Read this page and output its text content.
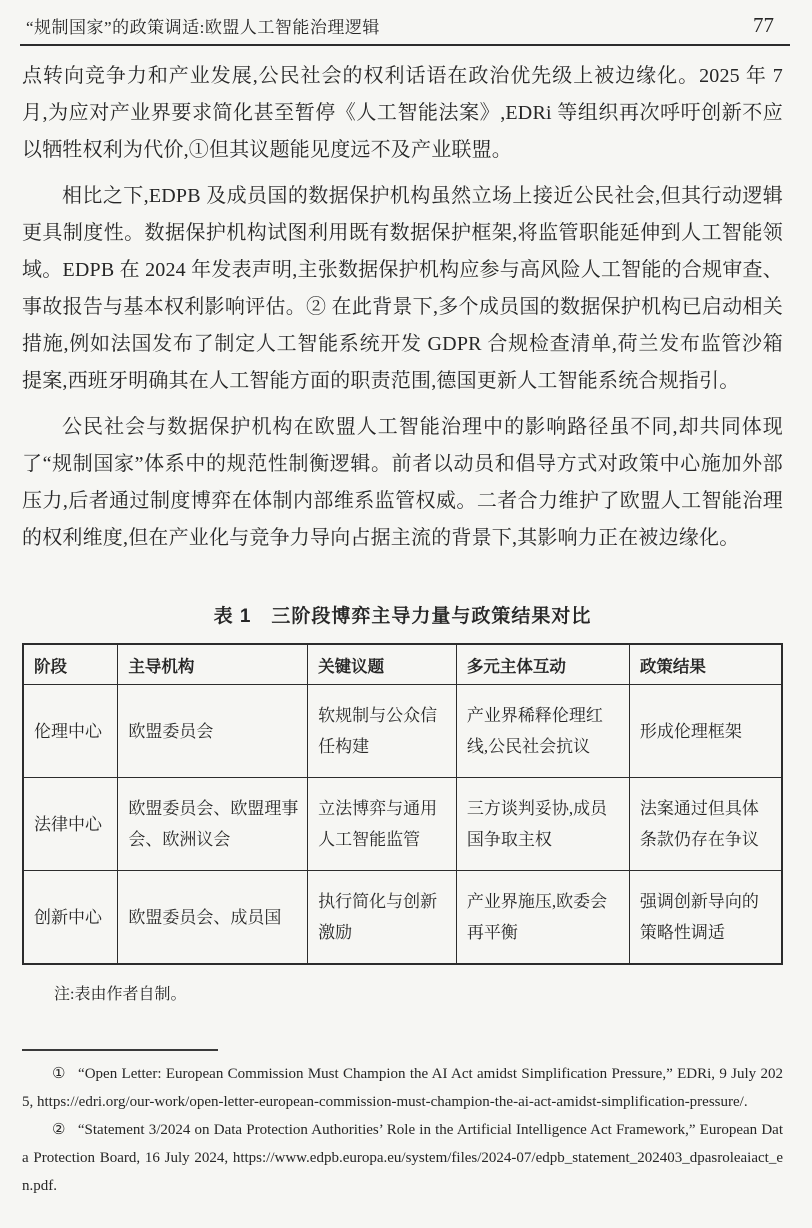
“规制国家”的政策调适:欧盟人工智能治理逻辑	77

点转向竞争力和产业发展,公民社会的权利话语在政治优先级上被边缘化。2025 年 7 月,为应对产业界要求简化甚至暂停《人工智能法案》,EDRi 等组织再次呼吁创新不应以牺牲权利为代价,①但其议题能见度远不及产业联盟。

相比之下,EDPB 及成员国的数据保护机构虽然立场上接近公民社会,但其行动逻辑更具制度性。数据保护机构试图利用既有数据保护框架,将监管职能延伸到人工智能领域。EDPB 在 2024 年发表声明,主张数据保护机构应参与高风险人工智能的合规审查、事故报告与基本权利影响评估。② 在此背景下,多个成员国的数据保护机构已启动相关措施,例如法国发布了制定人工智能系统开发 GDPR 合规检查清单,荷兰发布监管沙箱提案,西班牙明确其在人工智能方面的职责范围,德国更新人工智能系统合规指引。

公民社会与数据保护机构在欧盟人工智能治理中的影响路径虽不同,却共同体现了“规制国家”体系中的规范性制衡逻辑。前者以动员和倡导方式对政策中心施加外部压力,后者通过制度博弈在体制内部维系监管权威。二者合力维护了欧盟人工智能治理的权利维度,但在产业化与竞争力导向占据主流的背景下,其影响力正在被边缘化。

表 1　三阶段博弈主导力量与政策结果对比
阶段	主导机构	关键议题	多元主体互动	政策结果
伦理中心	欧盟委员会	软规制与公众信任构建	产业界稀释伦理红线,公民社会抗议	形成伦理框架
法律中心	欧盟委员会、欧盟理事会、欧洲议会	立法博弈与通用人工智能监管	三方谈判妥协,成员国争取主权	法案通过但具体条款仍存在争议
创新中心	欧盟委员会、成员国	执行简化与创新激励	产业界施压,欧委会再平衡	强调创新导向的策略性调适

注:表由作者自制。

① “Open Letter: European Commission Must Champion the AI Act amidst Simplification Pressure,” EDRi, 9 July 2025, https://edri.org/our-work/open-letter-european-commission-must-champion-the-ai-act-amidst-simplification-pressure/.

② “Statement 3/2024 on Data Protection Authorities’ Role in the Artificial Intelligence Act Framework,” European Data Protection Board, 16 July 2024, https://www.edpb.europa.eu/system/files/2024-07/edpb_statement_202403_dpasroleaiact_en.pdf.
